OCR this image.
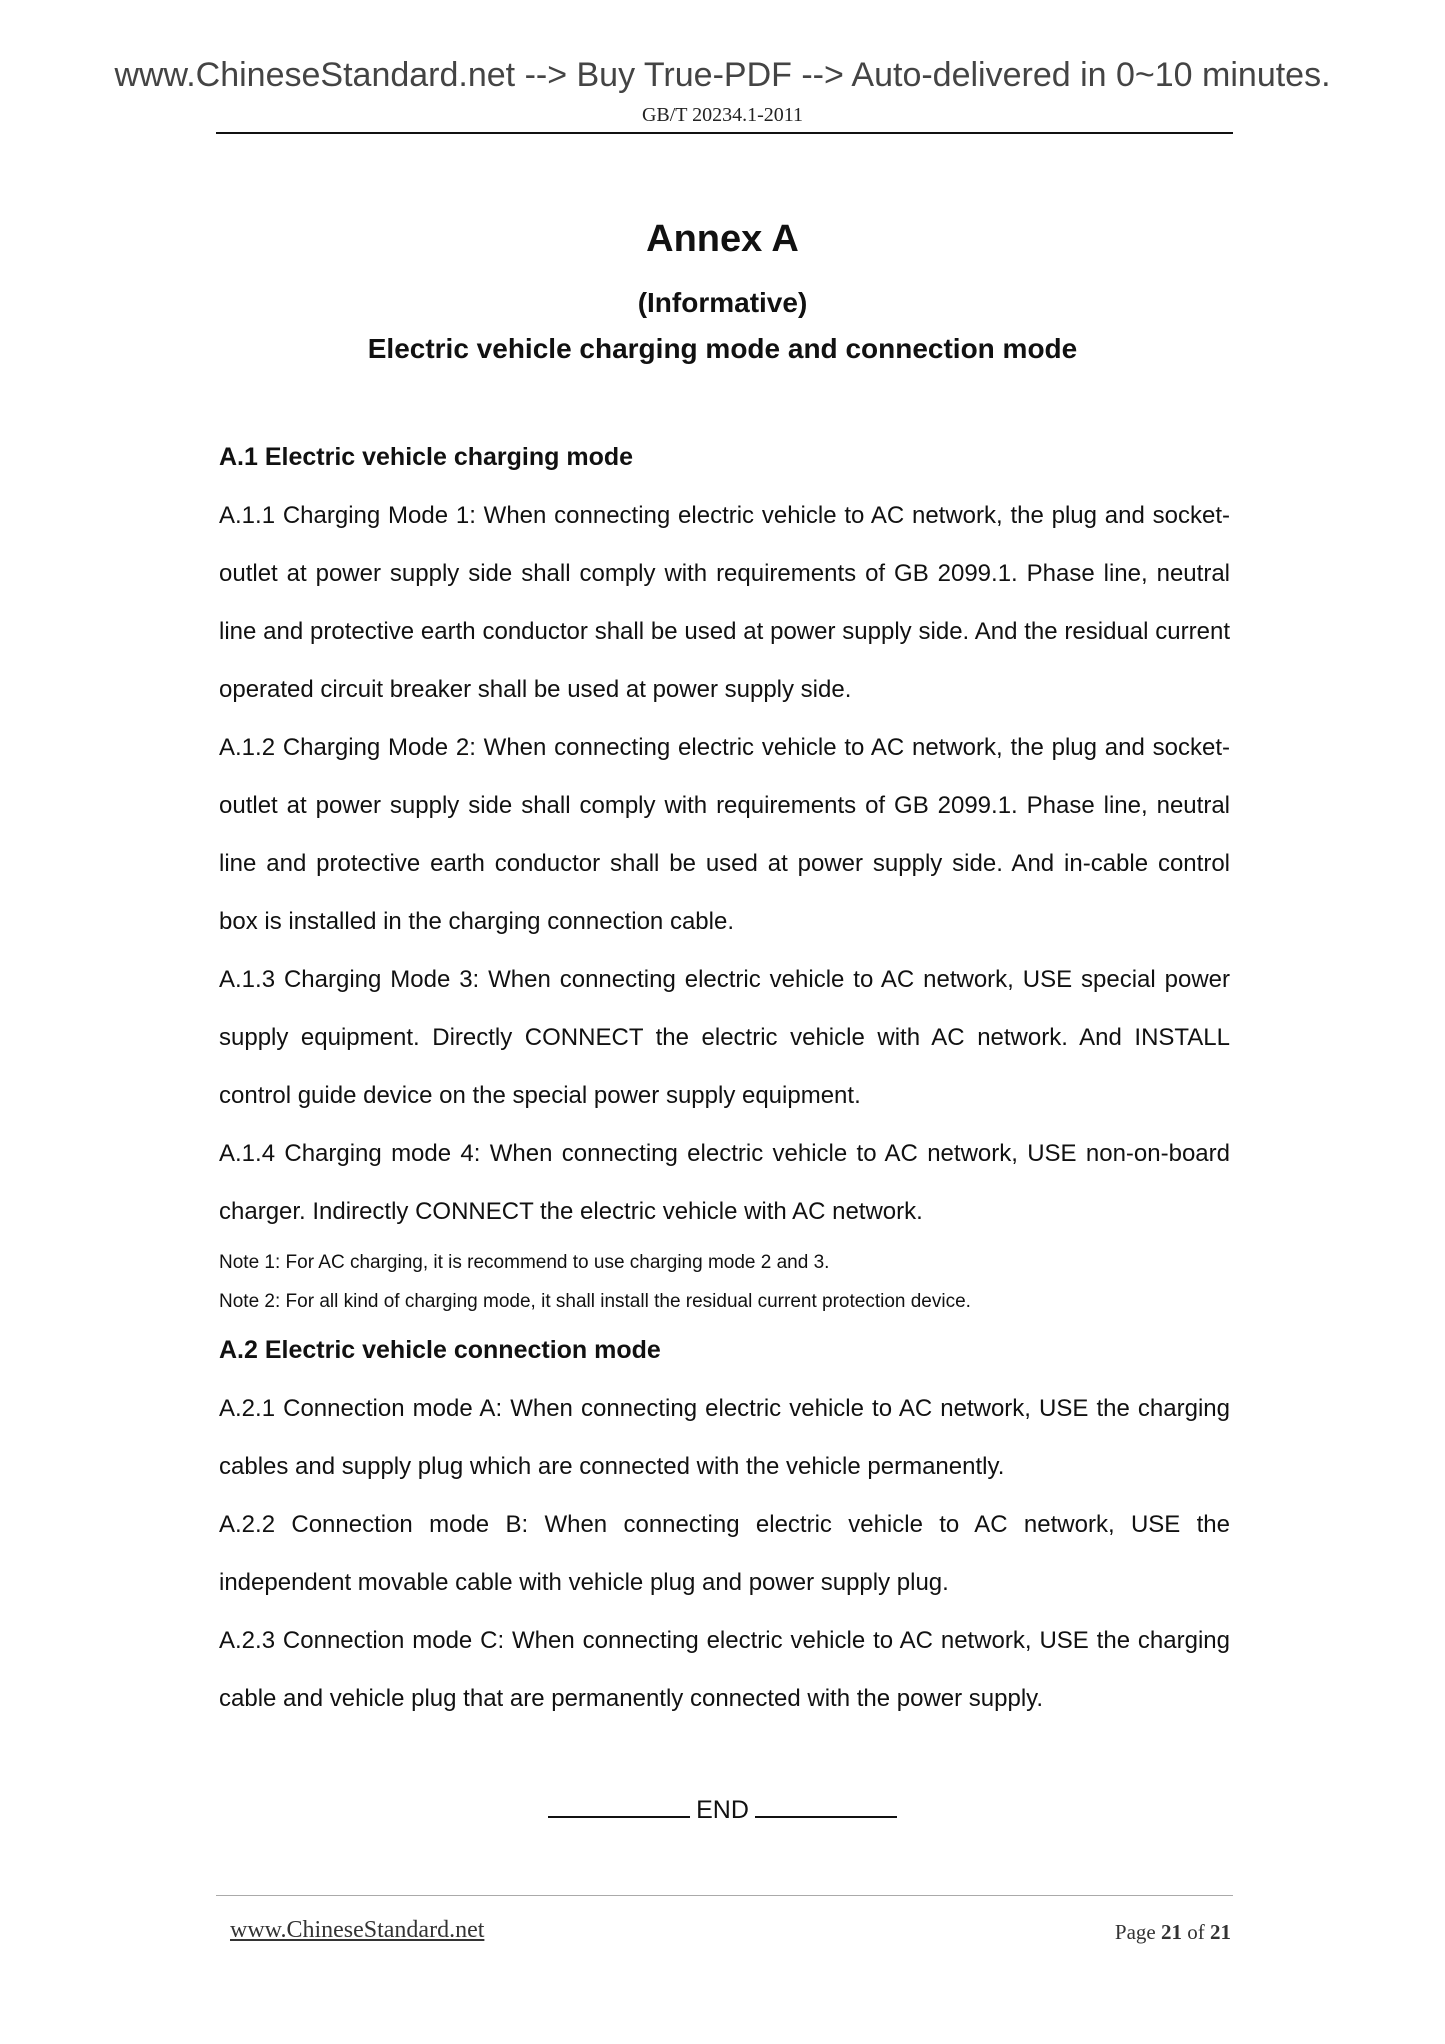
www.ChineseStandard.net --> Buy True-PDF --> Auto-delivered in 0~10 minutes.
GB/T 20234.1-2011
Annex A
(Informative)
Electric vehicle charging mode and connection mode
A.1 Electric vehicle charging mode
A.1.1 Charging Mode 1: When connecting electric vehicle to AC network, the plug and socket-outlet at power supply side shall comply with requirements of GB 2099.1. Phase line, neutral line and protective earth conductor shall be used at power supply side. And the residual current operated circuit breaker shall be used at power supply side.
A.1.2 Charging Mode 2: When connecting electric vehicle to AC network, the plug and socket-outlet at power supply side shall comply with requirements of GB 2099.1. Phase line, neutral line and protective earth conductor shall be used at power supply side. And in-cable control box is installed in the charging connection cable.
A.1.3 Charging Mode 3: When connecting electric vehicle to AC network, USE special power supply equipment. Directly CONNECT the electric vehicle with AC network. And INSTALL control guide device on the special power supply equipment.
A.1.4 Charging mode 4: When connecting electric vehicle to AC network, USE non-on-board charger. Indirectly CONNECT the electric vehicle with AC network.
Note 1: For AC charging, it is recommend to use charging mode 2 and 3.
Note 2: For all kind of charging mode, it shall install the residual current protection device.
A.2 Electric vehicle connection mode
A.2.1 Connection mode A: When connecting electric vehicle to AC network, USE the charging cables and supply plug which are connected with the vehicle permanently.
A.2.2 Connection mode B: When connecting electric vehicle to AC network, USE the independent movable cable with vehicle plug and power supply plug.
A.2.3 Connection mode C: When connecting electric vehicle to AC network, USE the charging cable and vehicle plug that are permanently connected with the power supply.
END
www.ChineseStandard.net	Page 21 of 21
